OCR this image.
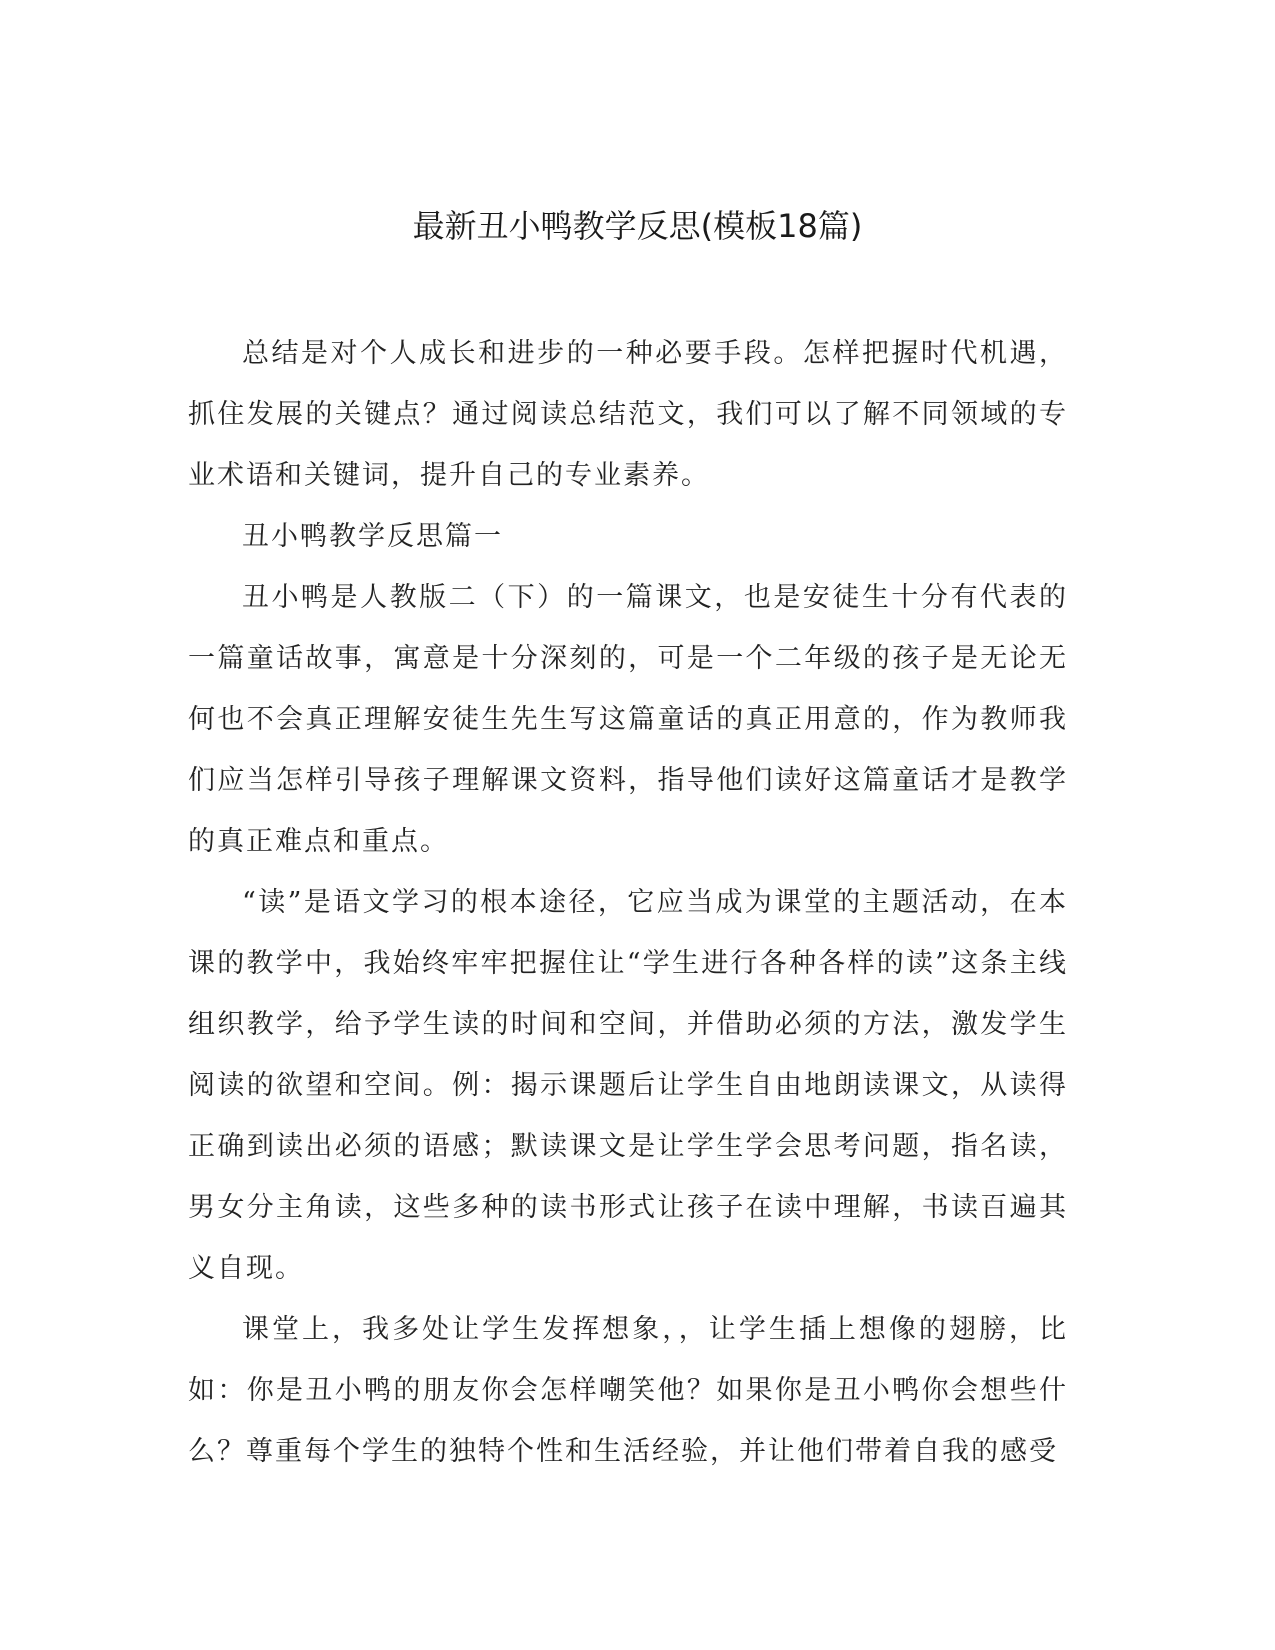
最新丑小鸭教学反思(模板18篇)

总结是对个人成长和进步的一种必要手段。怎样把握时代机遇，抓住发展的关键点？通过阅读总结范文，我们可以了解不同领域的专业术语和关键词，提升自己的专业素养。

丑小鸭教学反思篇一

丑小鸭是人教版二（下）的一篇课文，也是安徒生十分有代表的一篇童话故事，寓意是十分深刻的，可是一个二年级的孩子是无论无何也不会真正理解安徒生先生写这篇童话的真正用意的，作为教师我们应当怎样引导孩子理解课文资料，指导他们读好这篇童话才是教学的真正难点和重点。

“读”是语文学习的根本途径，它应当成为课堂的主题活动，在本课的教学中，我始终牢牢把握住让“学生进行各种各样的读”这条主线组织教学，给予学生读的时间和空间，并借助必须的方法，激发学生阅读的欲望和空间。例：揭示课题后让学生自由地朗读课文，从读得正确到读出必须的语感；默读课文是让学生学会思考问题，指名读，男女分主角读，这些多种的读书形式让孩子在读中理解，书读百遍其义自现。

课堂上，我多处让学生发挥想象，，让学生插上想像的翅膀，比如：你是丑小鸭的朋友你会怎样嘲笑他？如果你是丑小鸭你会想些什么？尊重每个学生的独特个性和生活经验，并让他们带着自我的感受
